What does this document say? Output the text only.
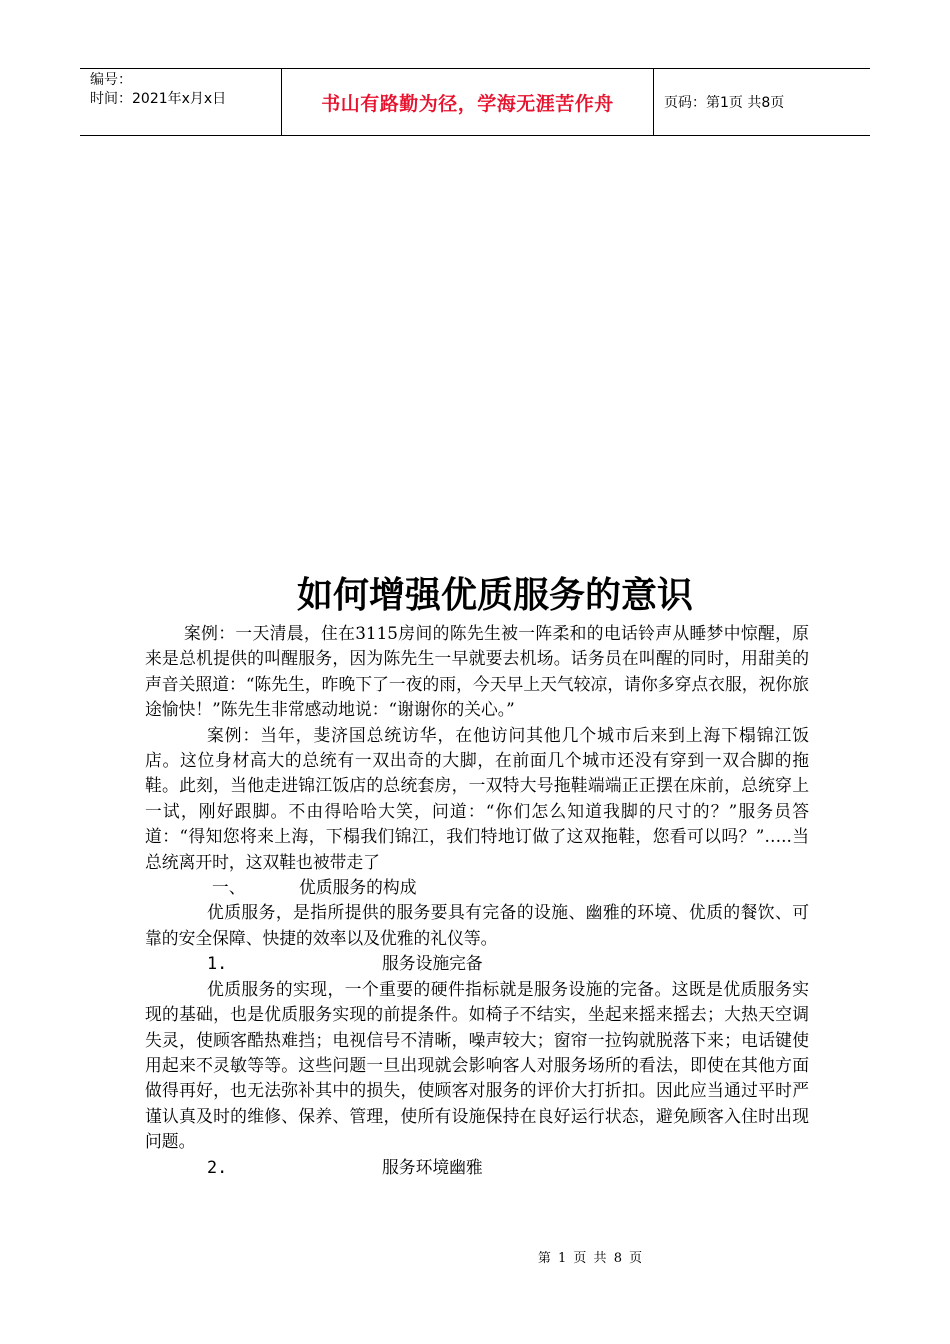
编号：
时间：2021年x月x日	书山有路勤为径，学海无涯苦作舟	页码：第1页 共8页
如何增强优质服务的意识

案例：一天清晨，住在3115房间的陈先生被一阵柔和的电话铃声从睡梦中惊醒，原来是总机提供的叫醒服务，因为陈先生一早就要去机场。话务员在叫醒的同时，用甜美的声音关照道：“陈先生，昨晚下了一夜的雨，今天早上天气较凉，请你多穿点衣服，祝你旅途愉快！”陈先生非常感动地说：“谢谢你的关心。”

案例：当年，斐济国总统访华，在他访问其他几个城市后来到上海下榻锦江饭店。这位身材高大的总统有一双出奇的大脚，在前面几个城市还没有穿到一双合脚的拖鞋。此刻，当他走进锦江饭店的总统套房，一双特大号拖鞋端端正正摆在床前，总统穿上一试，刚好跟脚。不由得哈哈大笑，问道：“你们怎么知道我脚的尺寸的？”服务员答道：“得知您将来上海，下榻我们锦江，我们特地订做了这双拖鞋，您看可以吗？”…..当总统离开时，这双鞋也被带走了

一、	优质服务的构成

优质服务，是指所提供的服务要具有完备的设施、幽雅的环境、优质的餐饮、可靠的安全保障、快捷的效率以及优雅的礼仪等。

1.	服务设施完备

优质服务的实现，一个重要的硬件指标就是服务设施的完备。这既是优质服务实现的基础，也是优质服务实现的前提条件。如椅子不结实，坐起来摇来摇去；大热天空调失灵，使顾客酷热难挡；电视信号不清晰，噪声较大；窗帘一拉钩就脱落下来；电话键使用起来不灵敏等等。这些问题一旦出现就会影响客人对服务场所的看法，即使在其他方面做得再好，也无法弥补其中的损失，使顾客对服务的评价大打折扣。因此应当通过平时严谨认真及时的维修、保养、管理，使所有设施保持在良好运行状态，避免顾客入住时出现问题。

2.	服务环境幽雅
第 1 页 共 8 页
